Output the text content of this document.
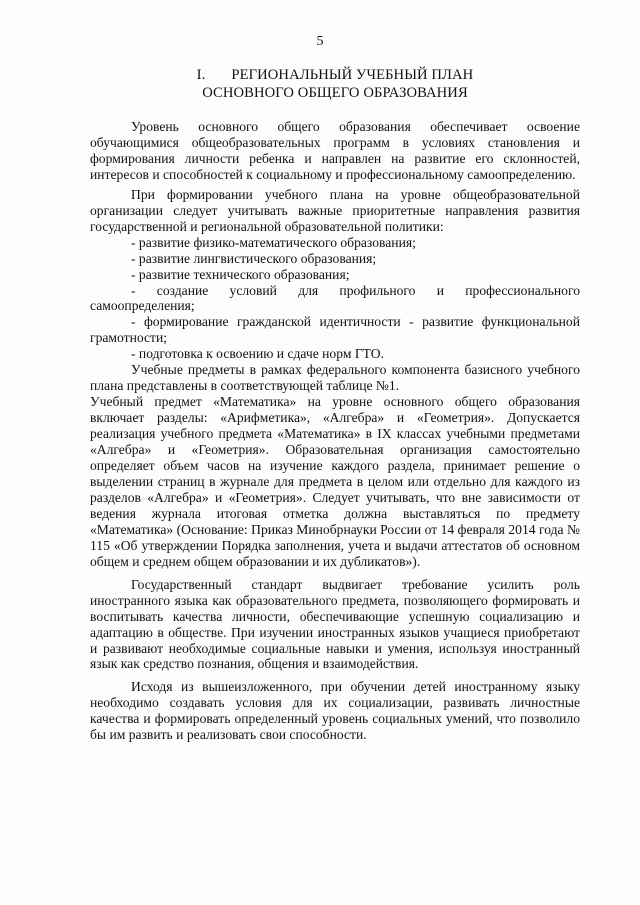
5
I. РЕГИОНАЛЬНЫЙ УЧЕБНЫЙ ПЛАН
ОСНОВНОГО ОБЩЕГО ОБРАЗОВАНИЯ

Уровень основного общего образования обеспечивает освоение обучающимися общеобразовательных программ в условиях становления и формирования личности ребенка и направлен на развитие его склонностей, интересов и способностей к социальному и профессиональному самоопределению.

При формировании учебного плана на уровне общеобразовательной организации следует учитывать важные приоритетные направления развития государственной и региональной образовательной политики:

- развитие физико-математического образования;

- развитие лингвистического образования;

- развитие технического образования;

- создание условий для профильного и профессионального самоопределения;

- формирование гражданской идентичности - развитие функциональной грамотности;

- подготовка к освоению и сдаче норм ГТО.

Учебные предметы в рамках федерального компонента базисного учебного плана представлены в соответствующей таблице №1.

Учебный предмет «Математика» на уровне основного общего образования включает разделы: «Арифметика», «Алгебра» и «Геометрия». Допускается реализация учебного предмета «Математика» в IX классах учебными предметами «Алгебра» и «Геометрия». Образовательная организация самостоятельно определяет объем часов на изучение каждого раздела, принимает решение о выделении страниц в журнале для предмета в целом или отдельно для каждого из разделов «Алгебра» и «Геометрия». Следует учитывать, что вне зависимости от ведения журнала итоговая отметка должна выставляться по предмету «Математика» (Основание: Приказ Минобрнауки России от 14 февраля 2014 года № 115 «Об утверждении Порядка заполнения, учета и выдачи аттестатов об основном общем и среднем общем образовании и их дубликатов»).

Государственный стандарт выдвигает требование усилить роль иностранного языка как образовательного предмета, позволяющего формировать и воспитывать качества личности, обеспечивающие успешную социализацию и адаптацию в обществе. При изучении иностранных языков учащиеся приобретают и развивают необходимые социальные навыки и умения, используя иностранный язык как средство познания, общения и взаимодействия.

Исходя из вышеизложенного, при обучении детей иностранному языку необходимо создавать условия для их социализации, развивать личностные качества и формировать определенный уровень социальных умений, что позволило бы им развить и реализовать свои способности.
